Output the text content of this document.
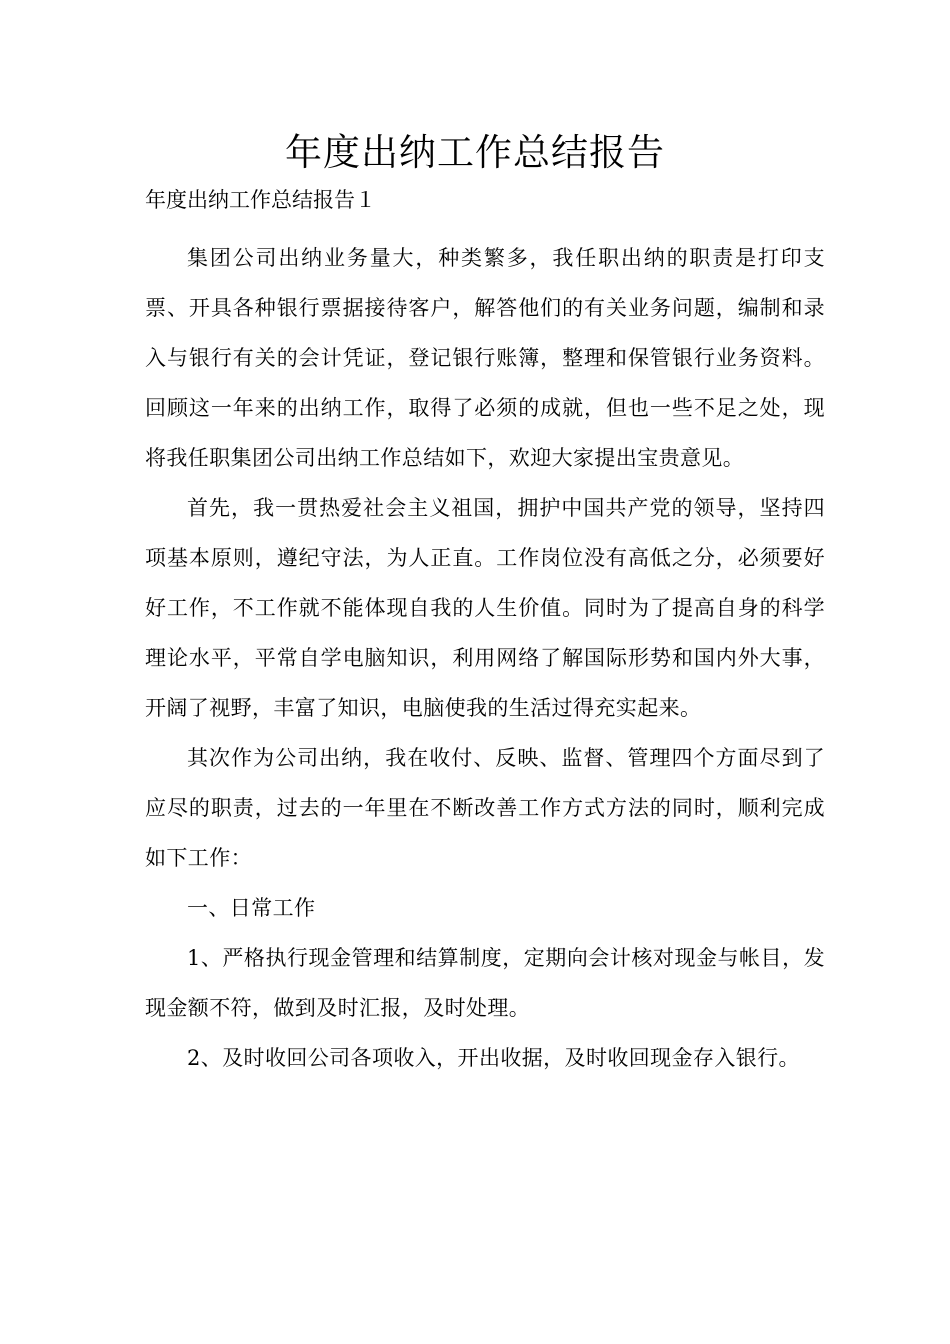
年度出纳工作总结报告

年度出纳工作总结报告１

集团公司出纳业务量大，种类繁多，我任职出纳的职责是打印支票、开具各种银行票据接待客户，解答他们的有关业务问题，编制和录入与银行有关的会计凭证，登记银行账簿，整理和保管银行业务资料。回顾这一年来的出纳工作，取得了必须的成就，但也一些不足之处，现将我任职集团公司出纳工作总结如下，欢迎大家提出宝贵意见。

首先，我一贯热爱社会主义祖国，拥护中国共产党的领导，坚持四项基本原则，遵纪守法，为人正直。工作岗位没有高低之分，必须要好好工作，不工作就不能体现自我的人生价值。同时为了提高自身的科学理论水平，平常自学电脑知识，利用网络了解国际形势和国内外大事，开阔了视野，丰富了知识，电脑使我的生活过得充实起来。

其次作为公司出纳，我在收付、反映、监督、管理四个方面尽到了应尽的职责，过去的一年里在不断改善工作方式方法的同时，顺利完成如下工作：

一、日常工作

1、严格执行现金管理和结算制度，定期向会计核对现金与帐目，发现金额不符，做到及时汇报，及时处理。

2、及时收回公司各项收入，开出收据，及时收回现金存入银行。
